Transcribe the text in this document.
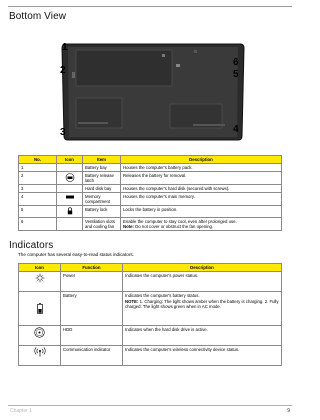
Bottom View
1
2
3	4
5
6
No.	Icon	Item	Description
1		Battery bay	Houses the computer's battery pack.
2		Battery release latch	Releases the battery for removal.
3		Hard disk bay	Houses the computer's hard disk (secured with screws).
4		Memory compartment	Houses the computer's main memory.
5		Battery lock	Locks the battery in position.
6		Ventilation slots and cooling fan	Enable the computer to stay cool, even after prolonged use.
Note: Do not cover or obstruct the fan opening.
Indicators
The computer has several easy-to-read status indicators.
Icon	Function	Description
	Power	Indicates the computer's power status.
	Battery	Indicates the computer's battery status.
NOTE: 1. Charging: The light shows amber when the battery is charging. 2. Fully charged: The light shows green when in AC mode.

	HDD	Indicates when the hard disk drive is active.
	Communication indicator	Indicates the computer's wireless connectivity device status.
Chapter 1	9
